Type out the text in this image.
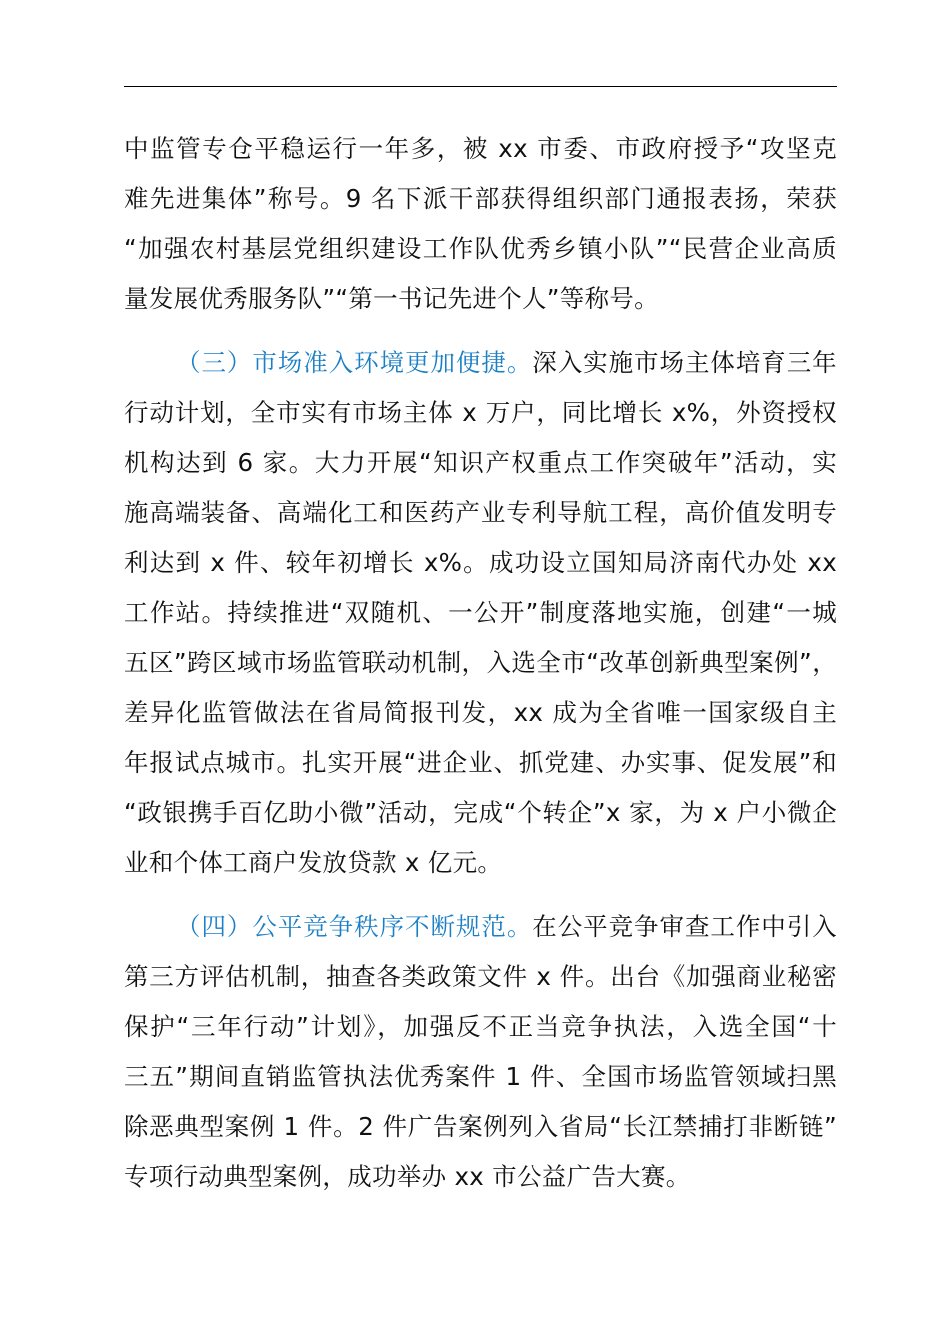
中监管专仓平稳运行一年多，被 xx 市委、市政府授予“攻坚克
难先进集体”称号。9 名下派干部获得组织部门通报表扬，荣获
“加强农村基层党组织建设工作队优秀乡镇小队”“民营企业高质
量发展优秀服务队”“第一书记先进个人”等称号。
（三）市场准入环境更加便捷。深入实施市场主体培育三年
行动计划，全市实有市场主体 x 万户，同比增长 x%，外资授权
机构达到 6 家。大力开展“知识产权重点工作突破年”活动，实
施高端装备、高端化工和医药产业专利导航工程，高价值发明专
利达到 x 件、较年初增长 x%。成功设立国知局济南代办处 xx
工作站。持续推进“双随机、一公开”制度落地实施，创建“一城
五区”跨区域市场监管联动机制，入选全市“改革创新典型案例”，
差异化监管做法在省局简报刊发，xx 成为全省唯一国家级自主
年报试点城市。扎实开展“进企业、抓党建、办实事、促发展”和
“政银携手百亿助小微”活动，完成“个转企”x 家，为 x 户小微企
业和个体工商户发放贷款 x 亿元。
（四）公平竞争秩序不断规范。在公平竞争审查工作中引入
第三方评估机制，抽查各类政策文件 x 件。出台《加强商业秘密
保护“三年行动”计划》，加强反不正当竞争执法，入选全国“十
三五”期间直销监管执法优秀案件 1 件、全国市场监管领域扫黑
除恶典型案例 1 件。2 件广告案例列入省局“长江禁捕打非断链”
专项行动典型案例，成功举办 xx 市公益广告大赛。
